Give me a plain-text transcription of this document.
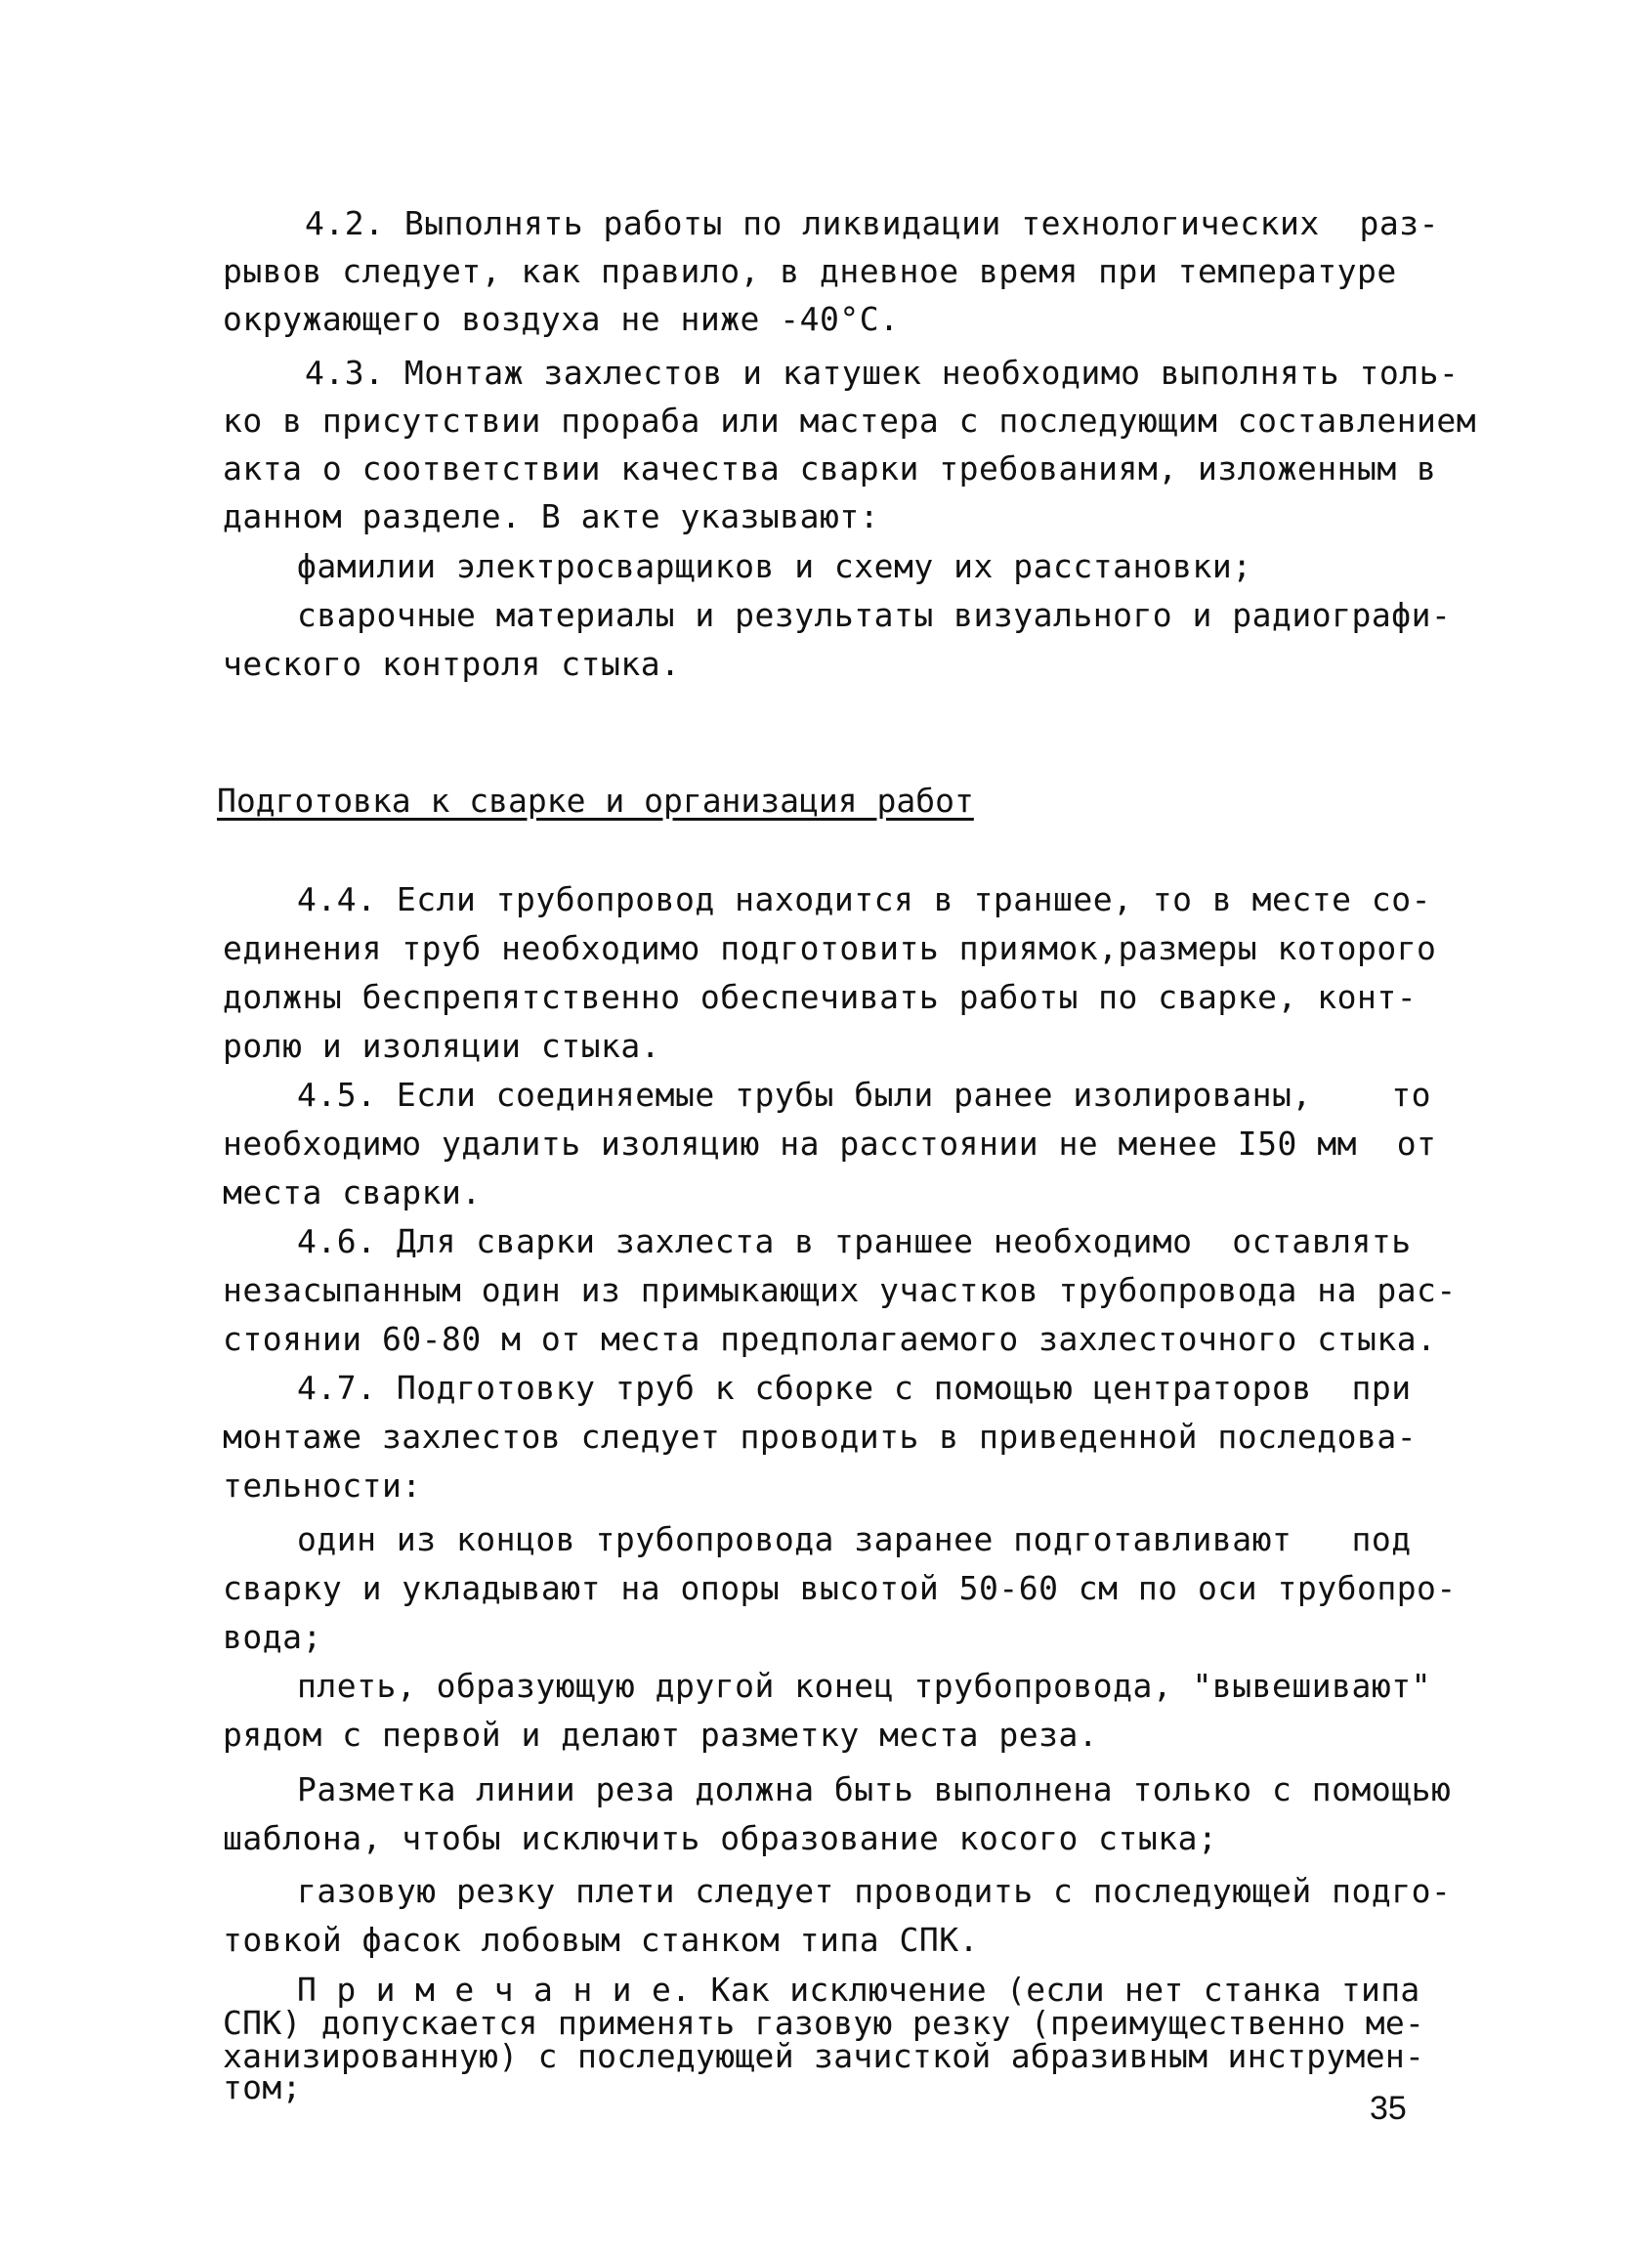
4.2. Выполнять работы по ликвидации технологических  раз-
рывов следует, как правило, в дневное время при температуре
окружающего воздуха не ниже -40°С.
4.3. Монтаж захлестов и катушек необходимо выполнять толь-
ко в присутствии прораба или мастера с последующим составлением
акта о соответствии качества сварки требованиям, изложенным в
данном разделе. В акте указывают:
фамилии электросварщиков и схему их расстановки;
сварочные материалы и результаты визуального и радиографи-
ческого контроля стыка.
Подготовка к сварке и организация работ
4.4. Если трубопровод находится в траншее, то в месте со-
единения труб необходимо подготовить приямок,размеры которого
должны беспрепятственно обеспечивать работы по сварке, конт-
ролю и изоляции стыка.
4.5. Если соединяемые трубы были ранее изолированы,    то
необходимо удалить изоляцию на расстоянии не менее I50 мм  от
места сварки.
4.6. Для сварки захлеста в траншее необходимо  оставлять
незасыпанным один из примыкающих участков трубопровода на рас-
стоянии 60-80 м от места предполагаемого захлесточного стыка.
4.7. Подготовку труб к сборке с помощью центраторов  при
монтаже захлестов следует проводить в приведенной последова-
тельности:
один из концов трубопровода заранее подготавливают   под
сварку и укладывают на опоры высотой 50-60 см по оси трубопро-
вода;
плеть, образующую другой конец трубопровода, "вывешивают"
рядом с первой и делают разметку места реза.
Разметка линии реза должна быть выполнена только с помощью
шаблона, чтобы исключить образование косого стыка;
газовую резку плети следует проводить с последующей подго-
товкой фасок лобовым станком типа СПК.
П р и м е ч а н и е. Как исключение (если нет станка типа
СПК) допускается применять газовую резку (преимущественно ме-
ханизированную) с последующей зачисткой абразивным инструмен-
том;
35
